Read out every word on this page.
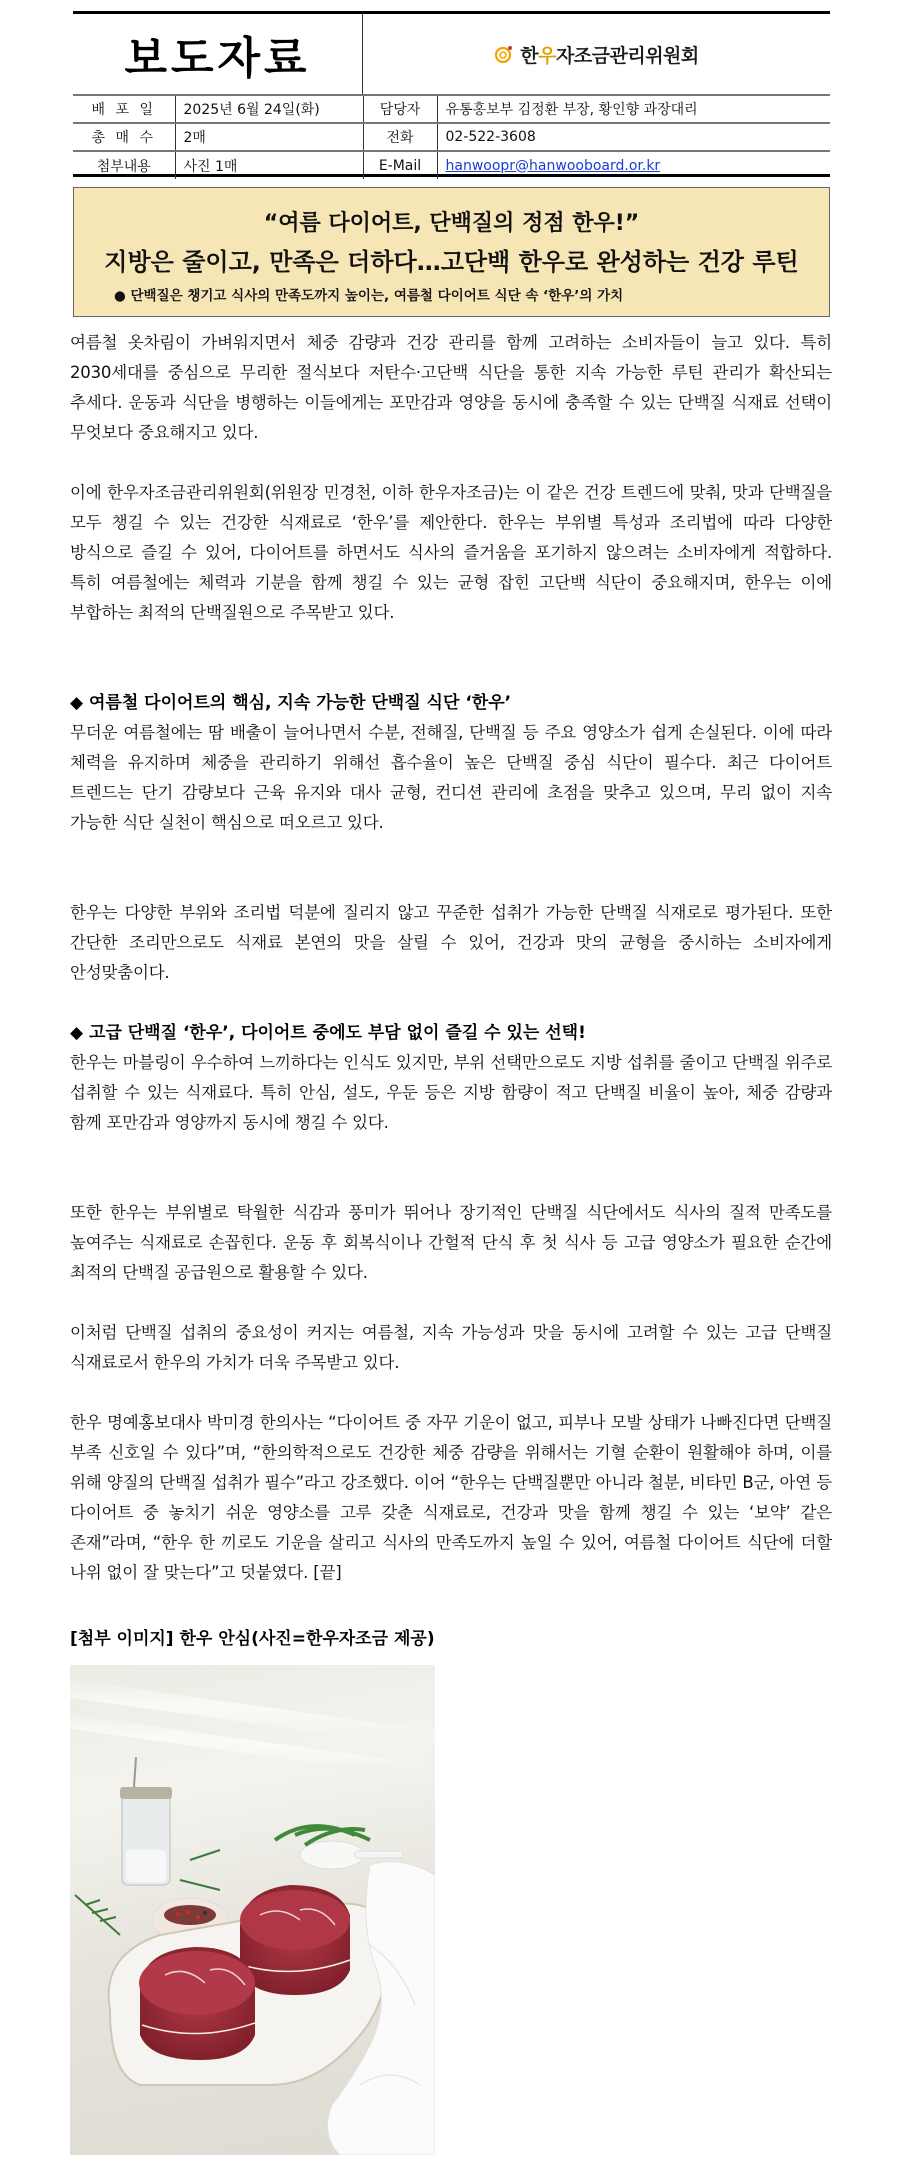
보도자료	한우자조금관리위원회
배 포 일	2025년 6월 24일(화)	담당자	유통홍보부 김정환 부장, 황인향 과장대리
총 매 수	2매	전화	02-522-3608
첨부내용	사진 1매	E-Mail	hanwoopr@hanwooboard.or.kr
“여름 다이어트, 단백질의 정점 한우!”
지방은 줄이고, 만족은 더하다…고단백 한우로 완성하는 건강 루틴
● 단백질은 챙기고 식사의 만족도까지 높이는, 여름철 다이어트 식단 속 ‘한우’의 가치

여름철 옷차림이 가벼워지면서 체중 감량과 건강 관리를 함께 고려하는 소비자들이 늘고 있다. 특히 2030세대를 중심으로 무리한 절식보다 저탄수·고단백 식단을 통한 지속 가능한 루틴 관리가 확산되는 추세다. 운동과 식단을 병행하는 이들에게는 포만감과 영양을 동시에 충족할 수 있는 단백질 식재료 선택이 무엇보다 중요해지고 있다.

이에 한우자조금관리위원회(위원장 민경천, 이하 한우자조금)는 이 같은 건강 트렌드에 맞춰, 맛과 단백질을 모두 챙길 수 있는 건강한 식재료로 ‘한우’를 제안한다. 한우는 부위별 특성과 조리법에 따라 다양한 방식으로 즐길 수 있어, 다이어트를 하면서도 식사의 즐거움을 포기하지 않으려는 소비자에게 적합하다. 특히 여름철에는 체력과 기분을 함께 챙길 수 있는 균형 잡힌 고단백 식단이 중요해지며, 한우는 이에 부합하는 최적의 단백질원으로 주목받고 있다.

◆ 여름철 다이어트의 핵심, 지속 가능한 단백질 식단 ‘한우’

무더운 여름철에는 땀 배출이 늘어나면서 수분, 전해질, 단백질 등 주요 영양소가 쉽게 손실된다. 이에 따라 체력을 유지하며 체중을 관리하기 위해선 흡수율이 높은 단백질 중심 식단이 필수다. 최근 다이어트 트렌드는 단기 감량보다 근육 유지와 대사 균형, 컨디션 관리에 초점을 맞추고 있으며, 무리 없이 지속 가능한 식단 실천이 핵심으로 떠오르고 있다.

한우는 다양한 부위와 조리법 덕분에 질리지 않고 꾸준한 섭취가 가능한 단백질 식재로로 평가된다. 또한 간단한 조리만으로도 식재료 본연의 맛을 살릴 수 있어, 건강과 맛의 균형을 중시하는 소비자에게 안성맞춤이다.

◆ 고급 단백질 ‘한우’, 다이어트 중에도 부담 없이 즐길 수 있는 선택!

한우는 마블링이 우수하여 느끼하다는 인식도 있지만, 부위 선택만으로도 지방 섭취를 줄이고 단백질 위주로 섭취할 수 있는 식재료다. 특히 안심, 설도, 우둔 등은 지방 함량이 적고 단백질 비율이 높아, 체중 감량과 함께 포만감과 영양까지 동시에 챙길 수 있다.

또한 한우는 부위별로 탁월한 식감과 풍미가 뛰어나 장기적인 단백질 식단에서도 식사의 질적 만족도를 높여주는 식재료로 손꼽힌다. 운동 후 회복식이나 간헐적 단식 후 첫 식사 등 고급 영양소가 필요한 순간에 최적의 단백질 공급원으로 활용할 수 있다.

이처럼 단백질 섭취의 중요성이 커지는 여름철, 지속 가능성과 맛을 동시에 고려할 수 있는 고급 단백질 식재료로서 한우의 가치가 더욱 주목받고 있다.

한우 명예홍보대사 박미경 한의사는 “다이어트 중 자꾸 기운이 없고, 피부나 모발 상태가 나빠진다면 단백질 부족 신호일 수 있다”며, “한의학적으로도 건강한 체중 감량을 위해서는 기혈 순환이 원활해야 하며, 이를 위해 양질의 단백질 섭취가 필수”라고 강조했다. 이어 “한우는 단백질뿐만 아니라 철분, 비타민 B군, 아연 등 다이어트 중 놓치기 쉬운 영양소를 고루 갖춘 식재료로, 건강과 맛을 함께 챙길 수 있는 ‘보약’ 같은 존재”라며, “한우 한 끼로도 기운을 살리고 식사의 만족도까지 높일 수 있어, 여름철 다이어트 식단에 더할 나위 없이 잘 맞는다”고 덧붙였다. [끝]

[첨부 이미지] 한우 안심(사진=한우자조금 제공)
